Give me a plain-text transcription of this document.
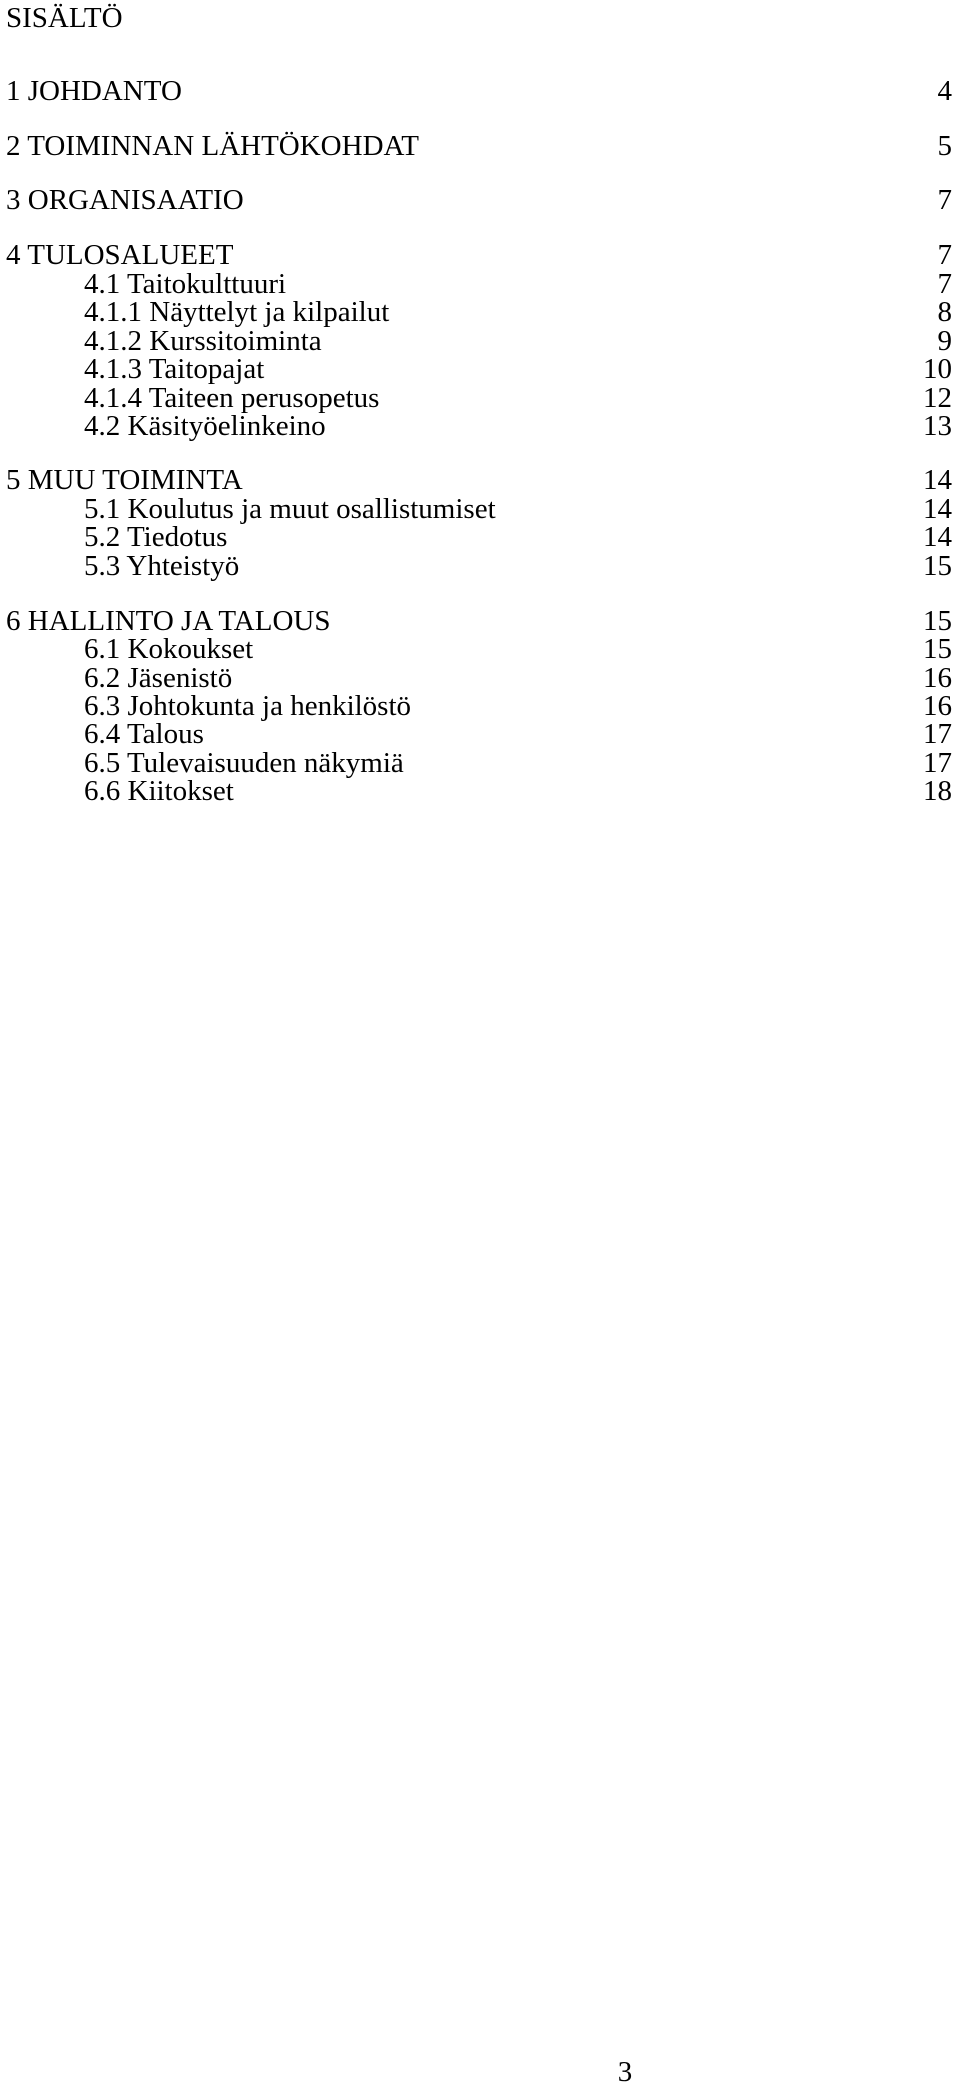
SISÄLTÖ
1 JOHDANTO	4
2 TOIMINNAN LÄHTÖKOHDAT	5
3 ORGANISAATIO	7
4 TULOSALUEET	7
4.1 Taitokulttuuri	7
4.1.1 Näyttelyt ja kilpailut	8
4.1.2 Kurssitoiminta	9
4.1.3 Taitopajat	10
4.1.4 Taiteen perusopetus	12
4.2 Käsityöelinkeino	13
5 MUU TOIMINTA	14
5.1 Koulutus ja muut osallistumiset	14
5.2 Tiedotus	14
5.3 Yhteistyö	15
6 HALLINTO JA TALOUS	15
6.1 Kokoukset	15
6.2 Jäsenistö	16
6.3 Johtokunta ja henkilöstö	16
6.4 Talous	17
6.5 Tulevaisuuden näkymiä	17
6.6 Kiitokset	18
3
